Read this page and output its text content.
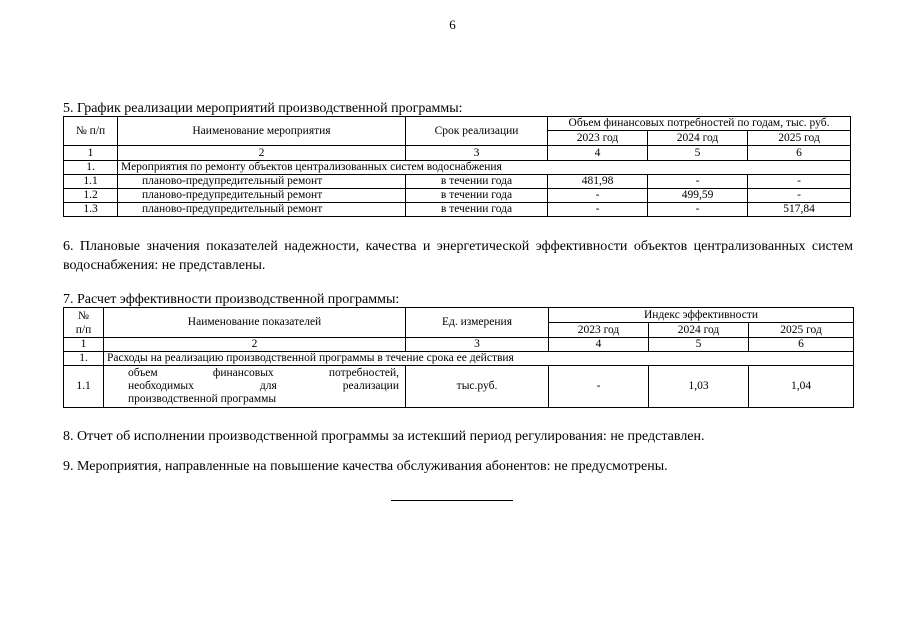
6
5. График реализации мероприятий производственной программы:
№ п/п	Наименование мероприятия	Срок реализации	Объем финансовых потребностей по годам, тыс. руб.		
			2023 год	2024 год	2025 год
1	2	3	4	5	6
1.	Мероприятия по ремонту объектов централизованных систем водоснабжения				
1.1	планово-предупредительный ремонт	в течении года	481,98	-	-
1.2	планово-предупредительный ремонт	в течении года	-	499,59	-
1.3	планово-предупредительный ремонт	в течении года	-	-	517,84
6. Плановые значения показателей надежности, качества и энергетической эффективности объектов централизованных систем водоснабжения: не представлены.
7. Расчет эффективности производственной программы:
№
п/п	Наименование показателей	Ед. измерения	Индекс эффективности		
			2023 год	2024 год	2025 год
1	2	3	4	5	6
1.	Расходы на реализацию производственной программы в течение срока ее действия				
1.1	объем финансовых потребностей,
необходимых для реализации
производственной программы	тыс.руб.	-	1,03	1,04
8. Отчет об исполнении производственной программы за истекший период регулирования: не представлен.
9. Мероприятия, направленные на повышение качества обслуживания абонентов: не предусмотрены.
